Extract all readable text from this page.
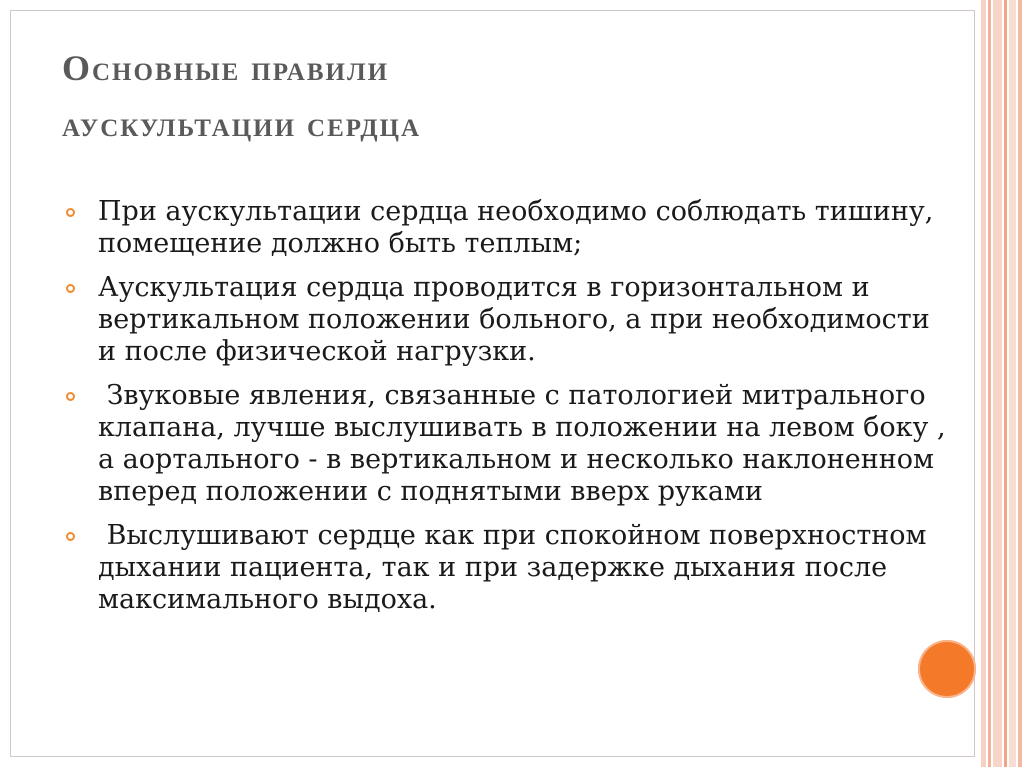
Основные правили
аускультации сердца
При аускультации сердца необходимо соблюдать тишину, помещение должно быть теплым;
Аускультация сердца проводится в горизонтальном и вертикальном положении больного, а при необходимости и после физической нагрузки.
Звуковые явления, связанные с патологией митрального клапана, лучше выслушивать в положении на левом боку , а аортального - в вертикальном и несколько наклоненном вперед положении с поднятыми вверх руками
Выслушивают сердце как при спокойном поверхностном дыхании пациента, так и при задержке дыхания после максимального выдоха.
